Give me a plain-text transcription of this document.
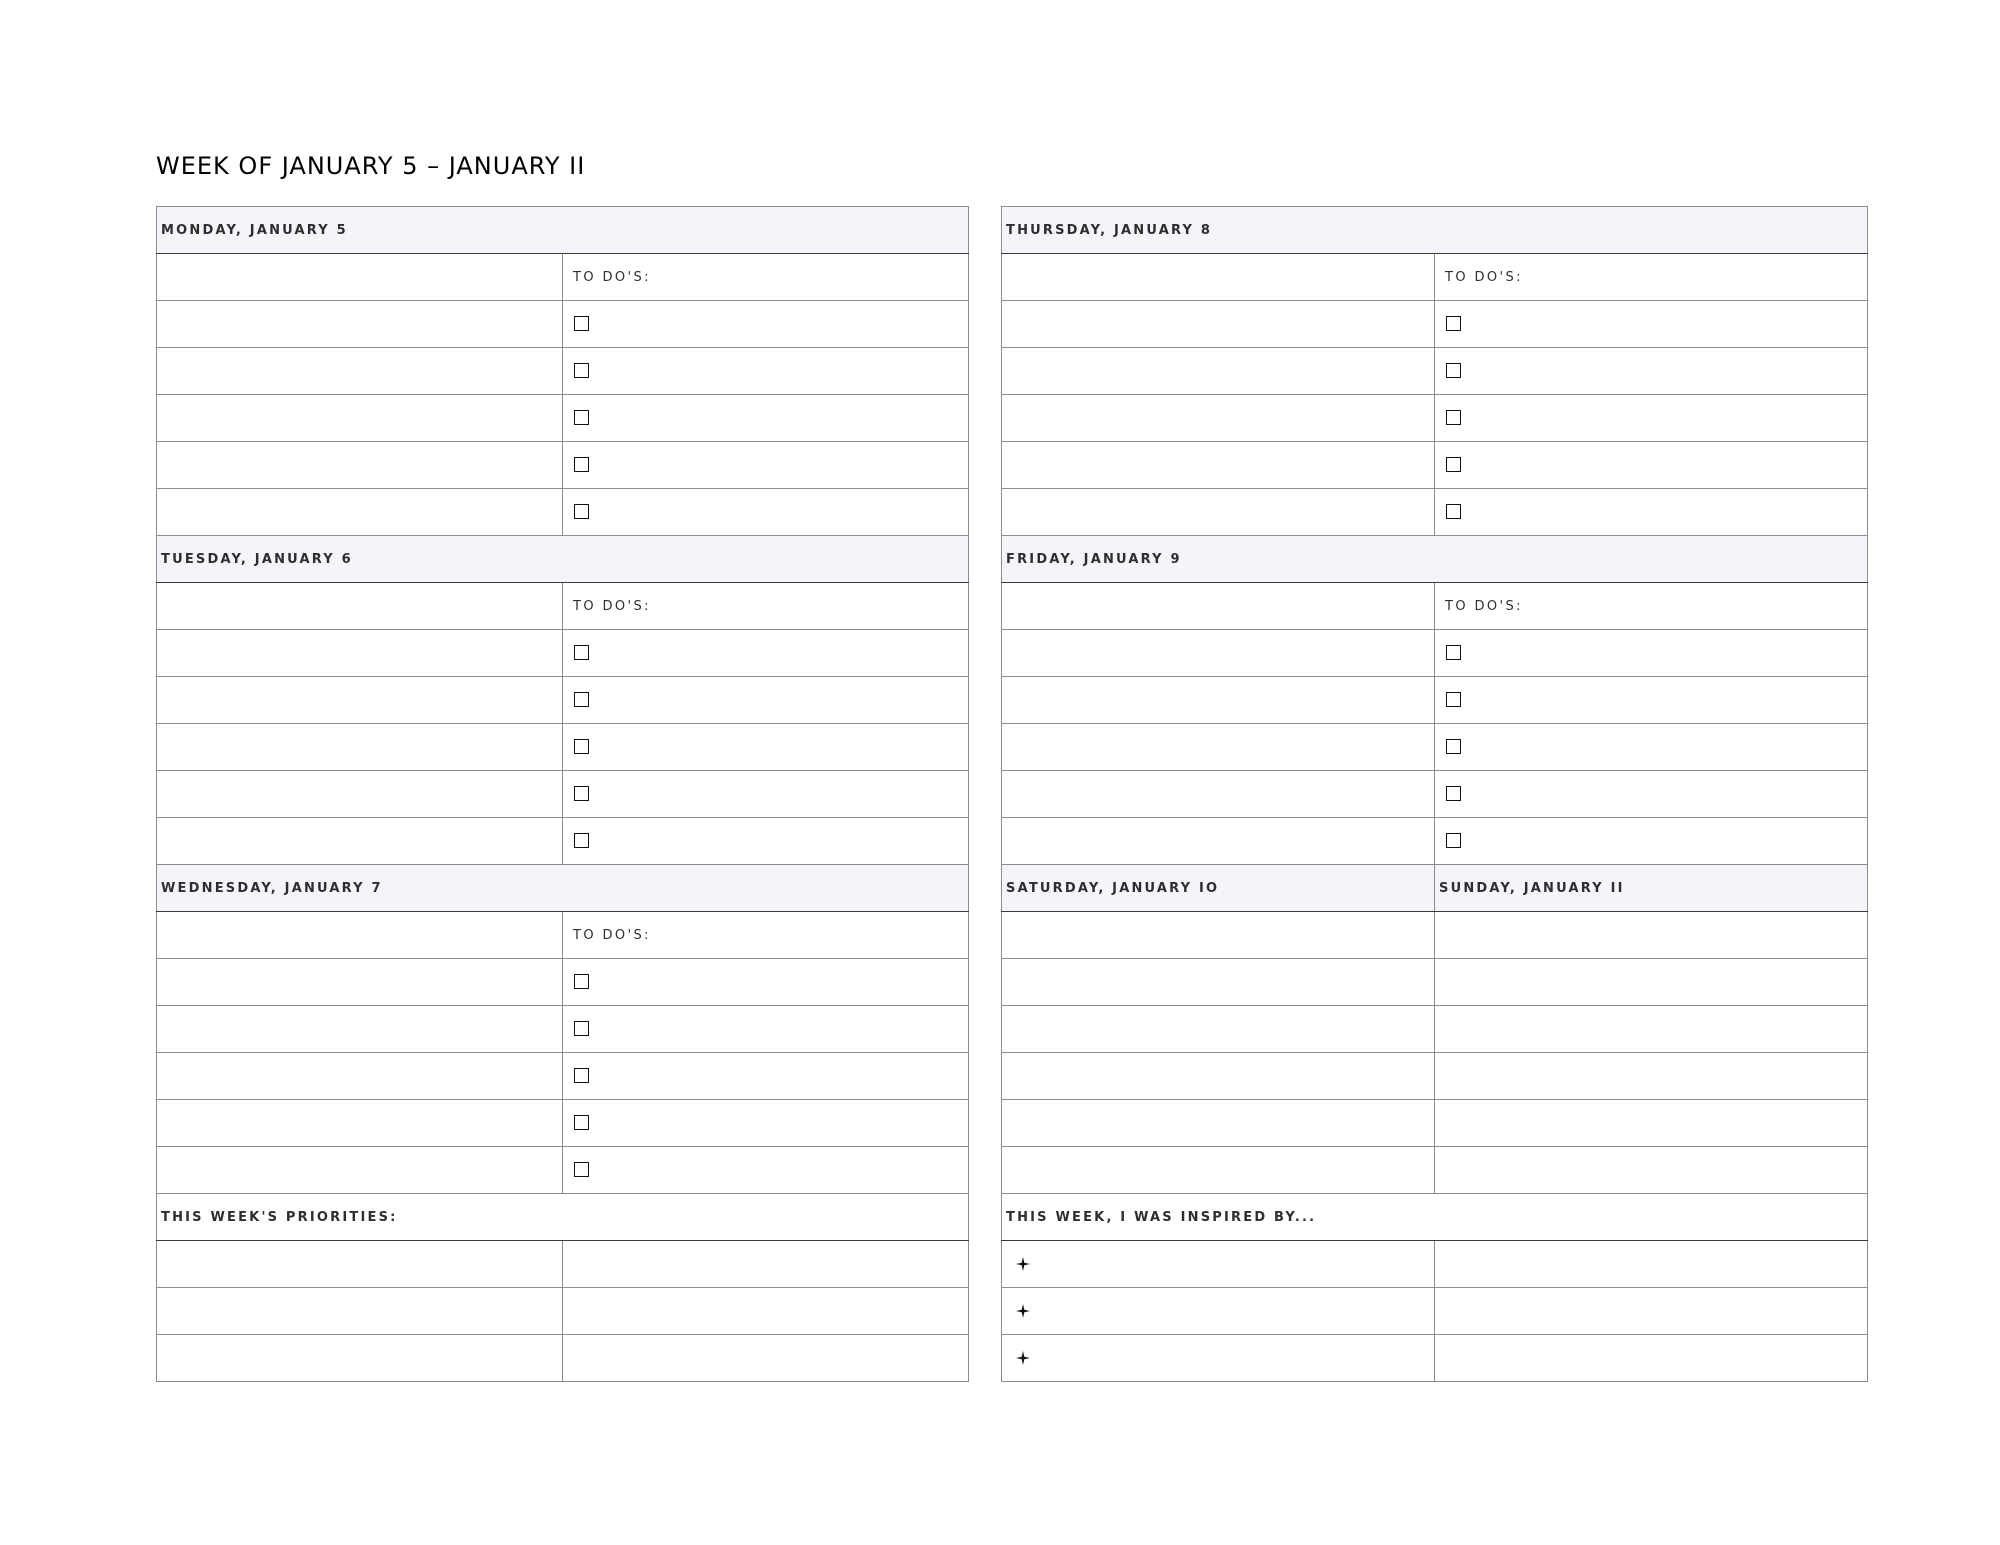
WEEK OF JANUARY 5 – JANUARY II
MONDAY, JANUARY 5	
	TO DO'S:

TUESDAY, JANUARY 6	
	TO DO'S:

WEDNESDAY, JANUARY 7	
	TO DO'S:

THIS WEEK'S PRIORITIES:	

THURSDAY, JANUARY 8	
	TO DO'S:

FRIDAY, JANUARY 9	
	TO DO'S:

SATURDAY, JANUARY IO	SUNDAY, JANUARY II

THIS WEEK, I WAS INSPIRED BY...	
